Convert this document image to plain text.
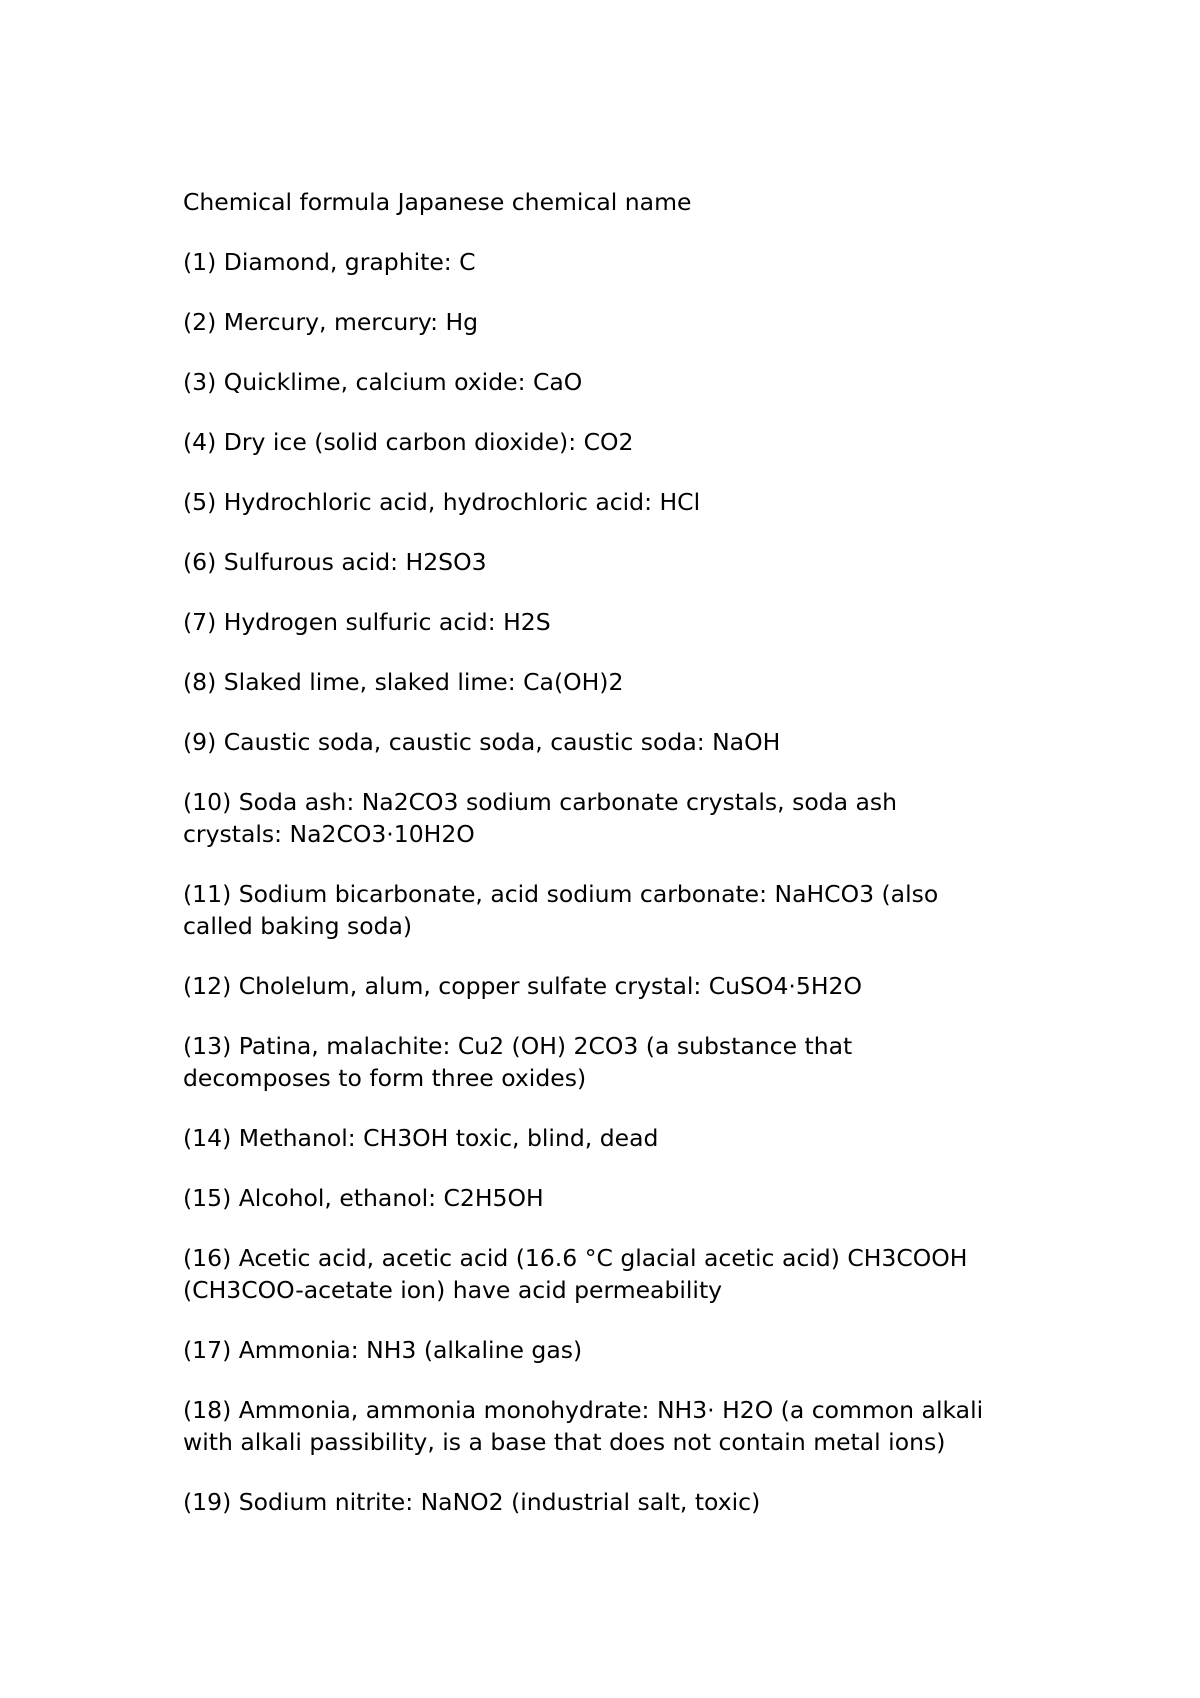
Chemical formula Japanese chemical name

(1) Diamond, graphite: C

(2) Mercury, mercury: Hg

(3) Quicklime, calcium oxide: CaO

(4) Dry ice (solid carbon dioxide): CO2

(5) Hydrochloric acid, hydrochloric acid: HCl

(6) Sulfurous acid: H2SO3

(7) Hydrogen sulfuric acid: H2S

(8) Slaked lime, slaked lime: Ca(OH)2

(9) Caustic soda, caustic soda, caustic soda: NaOH

(10) Soda ash: Na2CO3 sodium carbonate crystals, soda ash
crystals: Na2CO3·10H2O

(11) Sodium bicarbonate, acid sodium carbonate: NaHCO3 (also
called baking soda)

(12) Cholelum, alum, copper sulfate crystal: CuSO4·5H2O

(13) Patina, malachite: Cu2 (OH) 2CO3 (a substance that
decomposes to form three oxides)

(14) Methanol: CH3OH toxic, blind, dead

(15) Alcohol, ethanol: C2H5OH

(16) Acetic acid, acetic acid (16.6 °C glacial acetic acid) CH3COOH
(CH3COO-acetate ion) have acid permeability

(17) Ammonia: NH3 (alkaline gas)

(18) Ammonia, ammonia monohydrate: NH3· H2O (a common alkali
with alkali passibility, is a base that does not contain metal ions)

(19) Sodium nitrite: NaNO2 (industrial salt, toxic)
